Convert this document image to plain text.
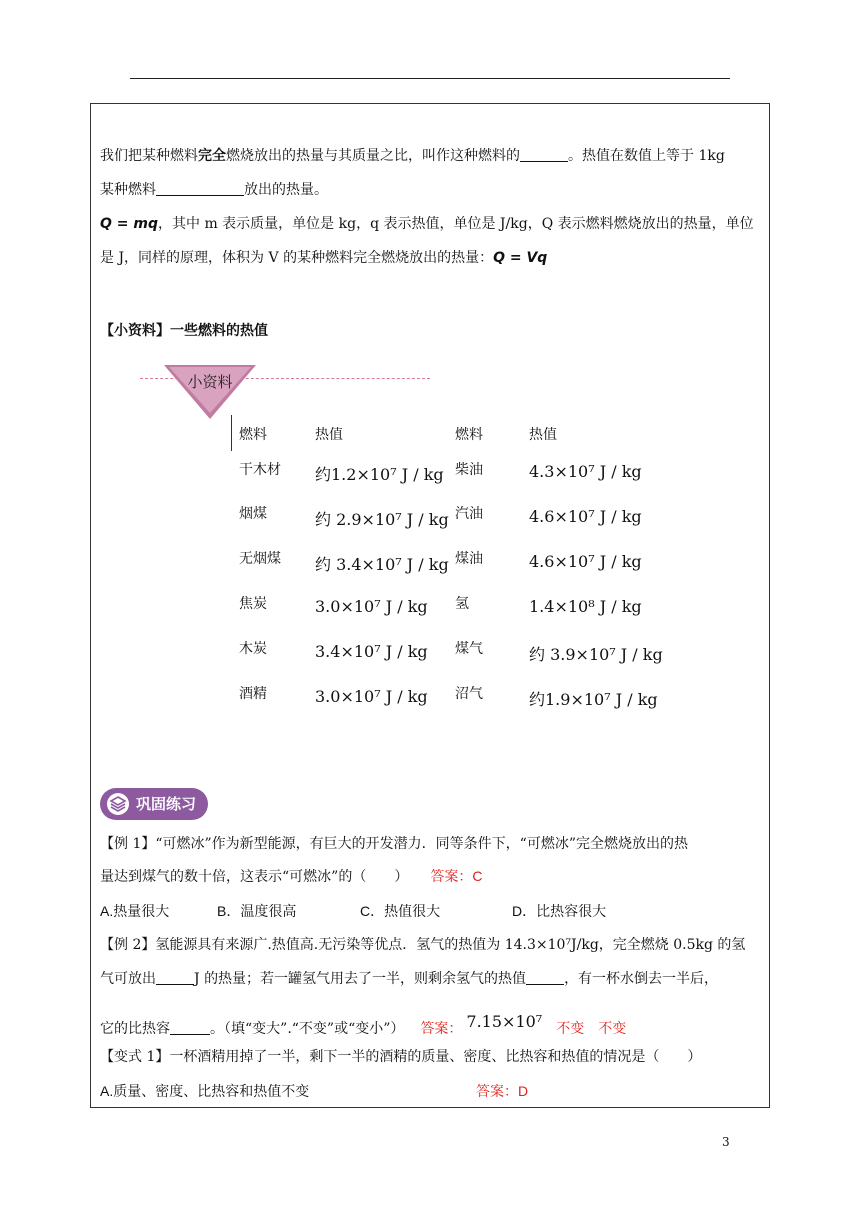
我们把某种燃料完全燃烧放出的热量与其质量之比，叫作这种燃料的	。热值在数值上等于 1kg
某种燃料	放出的热量。
Q = mq，其中 m 表示质量，单位是 kg，q 表示热值，单位是 J/kg，Q 表示燃料燃烧放出的热量，单位
是 J，同样的原理，体积为 V 的某种燃料完全燃烧放出的热量：Q = Vq
【小资料】一些燃料的热值
小资料
燃料	热值	燃料	热值
干木材 约1.2×10⁷ J / kg 柴油	4.3×10⁷ J / kg
烟煤	约 2.9×10⁷ J / kg 汽油	4.6×10⁷ J / kg
无烟煤 约 3.4×10⁷ J / kg 煤油	4.6×10⁷ J / kg
焦炭	3.0×10⁷ J / kg 氢	1.4×10⁸ J / kg
木炭	3.4×10⁷ J / kg 煤气	约 3.9×10⁷ J / kg
酒精	3.0×10⁷ J / kg 沼气	约1.9×10⁷ J / kg
巩固练习
【例 1】“可燃冰”作为新型能源，有巨大的开发潜力．同等条件下，“可燃冰”完全燃烧放出的热
量达到煤气的数十倍，这表示“可燃冰”的（　　） 答案：C
A.热量很大	B．温度很高	C．热值很大	D．比热容很大
【例 2】氢能源具有来源广.热值高.无污染等优点．氢气的热值为 14.3×10⁷J/kg，完全燃烧 0.5kg 的氢
气可放出	J 的热量；若一罐氢气用去了一半，则剩余氢气的热值	，有一杯水倒去一半后，
它的比热容	。（填“变大”.“不变”或“变小”） 答案： 7.15×10⁷ 不变　不变
【变式 1】一杯酒精用掉了一半，剩下一半的酒精的质量、密度、比热容和热值的情况是（　　）
A.质量、密度、比热容和热值不变	答案：D
3
